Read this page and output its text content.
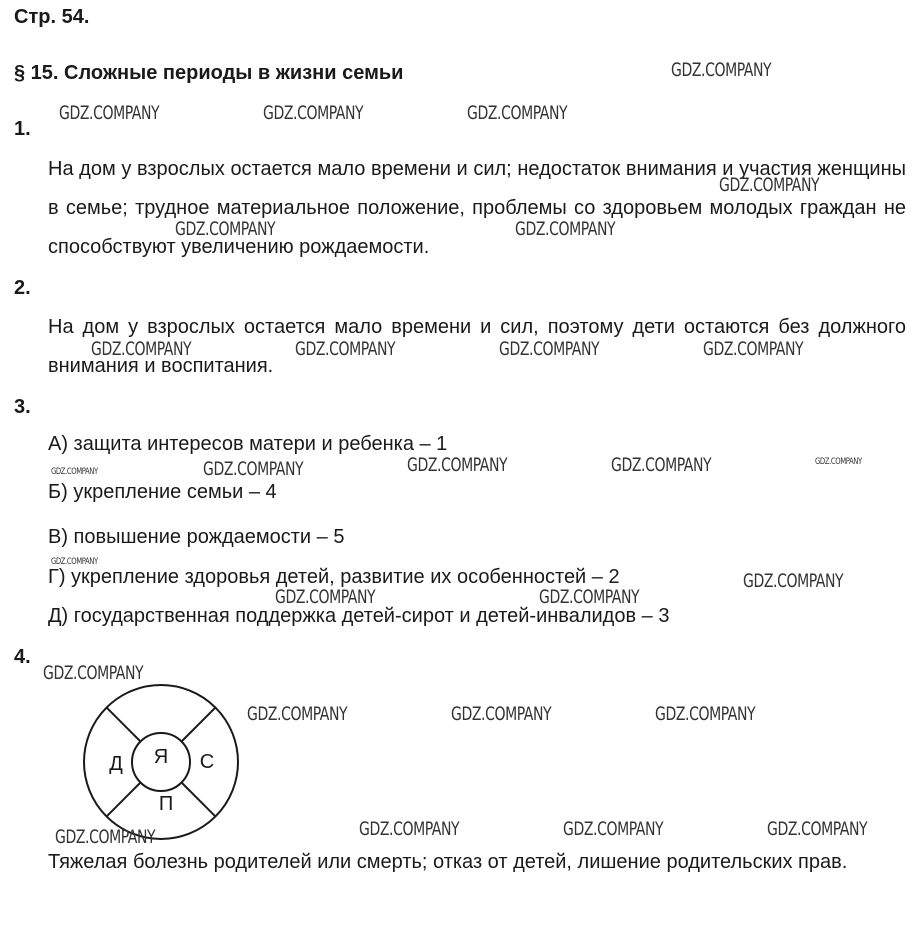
Стр. 54.
§ 15. Сложные периоды в жизни семьи
1.
На дом у взрослых остается мало времени и сил; недостаток внимания и участия женщины в семье; трудное материальное положение, проблемы со здоровьем молодых граждан не способствуют увеличению рождаемости.
2.
На дом у взрослых остается мало времени и сил, поэтому дети остаются без должного внимания и воспитания.
3.
А) защита интересов матери и ребенка – 1
Б) укрепление семьи – 4
В) повышение рождаемости – 5
Г) укрепление здоровья детей, развитие их особенностей – 2
Д) государственная поддержка детей-сирот и детей-инвалидов – 3
4.
Я
Д	С
П
Тяжелая болезнь родителей или смерть; отказ от детей, лишение родительских прав.
GDZ.COMPANY
GDZ.COMPANY	GDZ.COMPANY	GDZ.COMPANY
GDZ.COMPANY
GDZ.COMPANY	GDZ.COMPANY
GDZ.COMPANY	GDZ.COMPANY	GDZ.COMPANY	GDZ.COMPANY
GDZ.COMPANY	GDZ.COMPANY	GDZ.COMPANY	GDZ.COMPANY	GDZ.COMPANY
GDZ.COMPANY
GDZ.COMPANY
GDZ.COMPANY	GDZ.COMPANY
GDZ.COMPANY
GDZ.COMPANY	GDZ.COMPANY	GDZ.COMPANY
GDZ.COMPANY	GDZ.COMPANY	GDZ.COMPANY	GDZ.COMPANY
